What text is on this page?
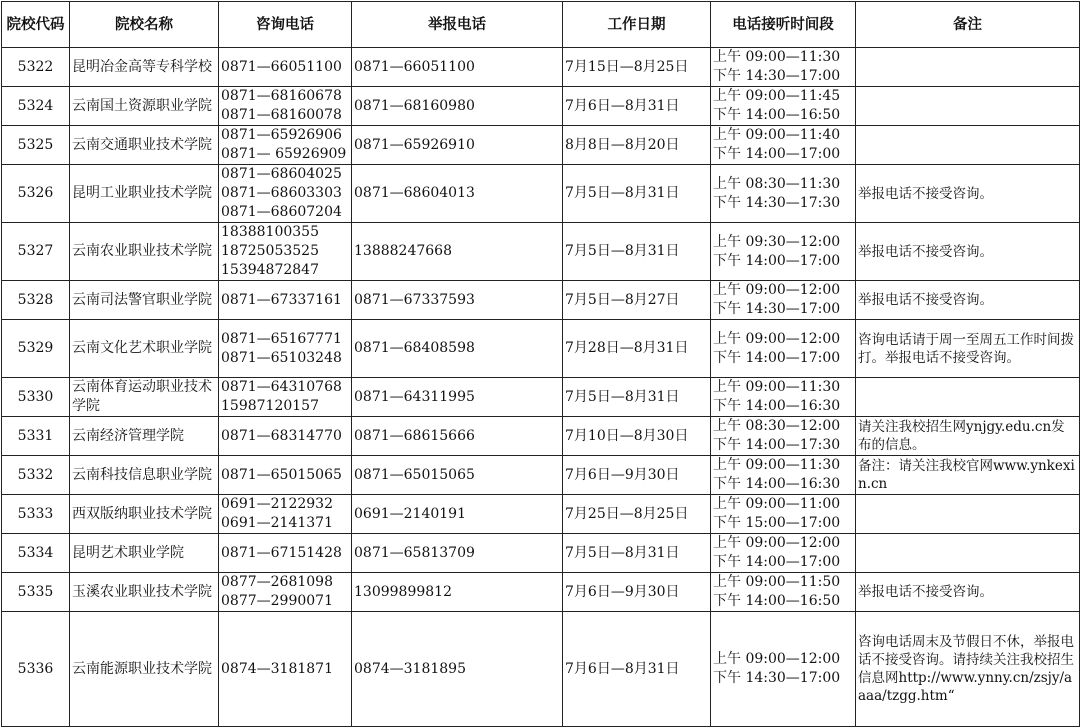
院校代码	院校名称	咨询电话	举报电话	工作日期	电话接听时间段	备注
5322	昆明冶金高等专科学校	0871—66051100	0871—66051100	7月15日—8月25日	上午 09:00—11:30
下午 14:30—17:00	

5324	云南国土资源职业学院	0871—68160678
0871—68160078	0871—68160980	7月6日—8月31日	上午 09:00—11:45
下午 14:00—16:50	

5325	云南交通职业技术学院	0871—65926906
0871— 65926909	0871—65926910	8月8日—8月20日	上午 09:00—11:40
下午 14:00—17:00	

5326	昆明工业职业技术学院	0871—68604025
0871—68603303
0871—68607204	0871—68604013	7月5日—8月31日	上午 08:30—11:30
下午 14:30—17:30	举报电话不接受咨询。
5327	云南农业职业技术学院	18388100355
18725053525
15394872847	13888247668	7月5日—8月31日	上午 09:30—12:00
下午 14:00—17:00	举报电话不接受咨询。
5328	云南司法警官职业学院	0871—67337161	0871—67337593	7月5日—8月27日	上午 09:00—12:00
下午 14:30—17:00	举报电话不接受咨询。
5329	云南文化艺术职业学院	0871—65167771
0871—65103248	0871—68408598	7月28日—8月31日	上午 09:00—12:00
下午 14:00—17:00	咨询电话请于周一至周五工作时间拨打。举报电话不接受咨询。
5330	云南体育运动职业技术学院	0871—64310768
15987120157	0871—64311995	7月5日—8月31日	上午 09:00—11:30
下午 14:00—16:30	

5331	云南经济管理学院	0871—68314770	0871—68615666	7月10日—8月30日	上午 08:30—12:00
下午 14:00—17:30	请关注我校招生网ynjgy.edu.cn发布的信息。
5332	云南科技信息职业学院	0871—65015065	0871—65015065	7月6日—9月30日	上午 09:00—11:30
下午 14:00—16:30	备注：请关注我校官网www.ynkexin.cn
5333	西双版纳职业技术学院	0691—2122932
0691—2141371	0691—2140191	7月25日—8月25日	上午 09:00—11:00
下午 15:00—17:00	

5334	昆明艺术职业学院	0871—67151428	0871—65813709	7月5日—8月31日	上午 09:00—12:00
下午 14:00—17:00	

5335	玉溪农业职业技术学院	0877—2681098
0877—2990071	13099899812	7月6日—9月30日	上午 09:00—11:50
下午 14:00—16:50	举报电话不接受咨询。
5336	云南能源职业技术学院	0874—3181871	0874—3181895	7月6日—8月31日	上午 09:00—12:00
下午 14:30—17:00	咨询电话周末及节假日不休，举报电话不接受咨询。请持续关注我校招生信息网http://www.ynny.cn/zsjy/aaaa/tzgg.htm“
